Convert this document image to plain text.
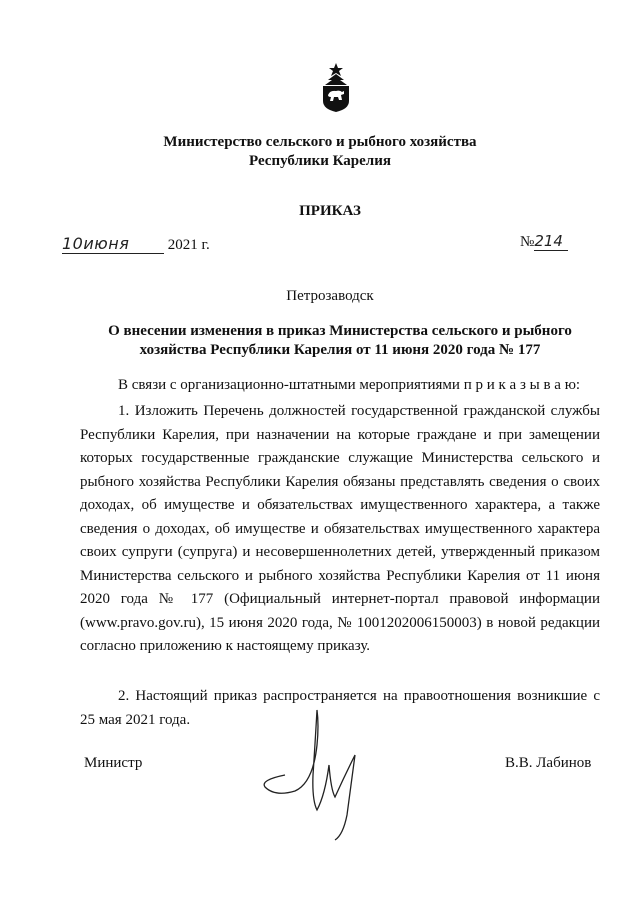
Министерство сельского и рыбного хозяйства
Республики Карелия
ПРИКАЗ
10июня	2021 г.	№214
Петрозаводск
О внесении изменения в приказ Министерства сельского и рыбного
хозяйства Республики Карелия от 11 июня 2020 года № 177

В связи с организационно-штатными мероприятиями п р и к а з ы в а ю:

1. Изложить Перечень должностей государственной гражданской службы Республики Карелия, при назначении на которые граждане и при замещении которых государственные гражданские служащие Министерства сельского и рыбного хозяйства Республики Карелия обязаны представлять сведения о своих доходах, об имуществе и обязательствах имущественного характера, а также сведения о доходах, об имуществе и обязательствах имущественного характера своих супруги (супруга) и несовершеннолетних детей, утвержденный приказом Министерства сельского и рыбного хозяйства Республики Карелия от 11 июня 2020 года № 177 (Официальный интернет-портал правовой информации (www.pravo.gov.ru), 15 июня 2020 года, № 1001202006150003) в новой редакции согласно приложению к настоящему приказу.

2. Настоящий приказ распространяется на правоотношения возникшие с 25 мая 2021 года.

Министр	В.В. Лабинов
